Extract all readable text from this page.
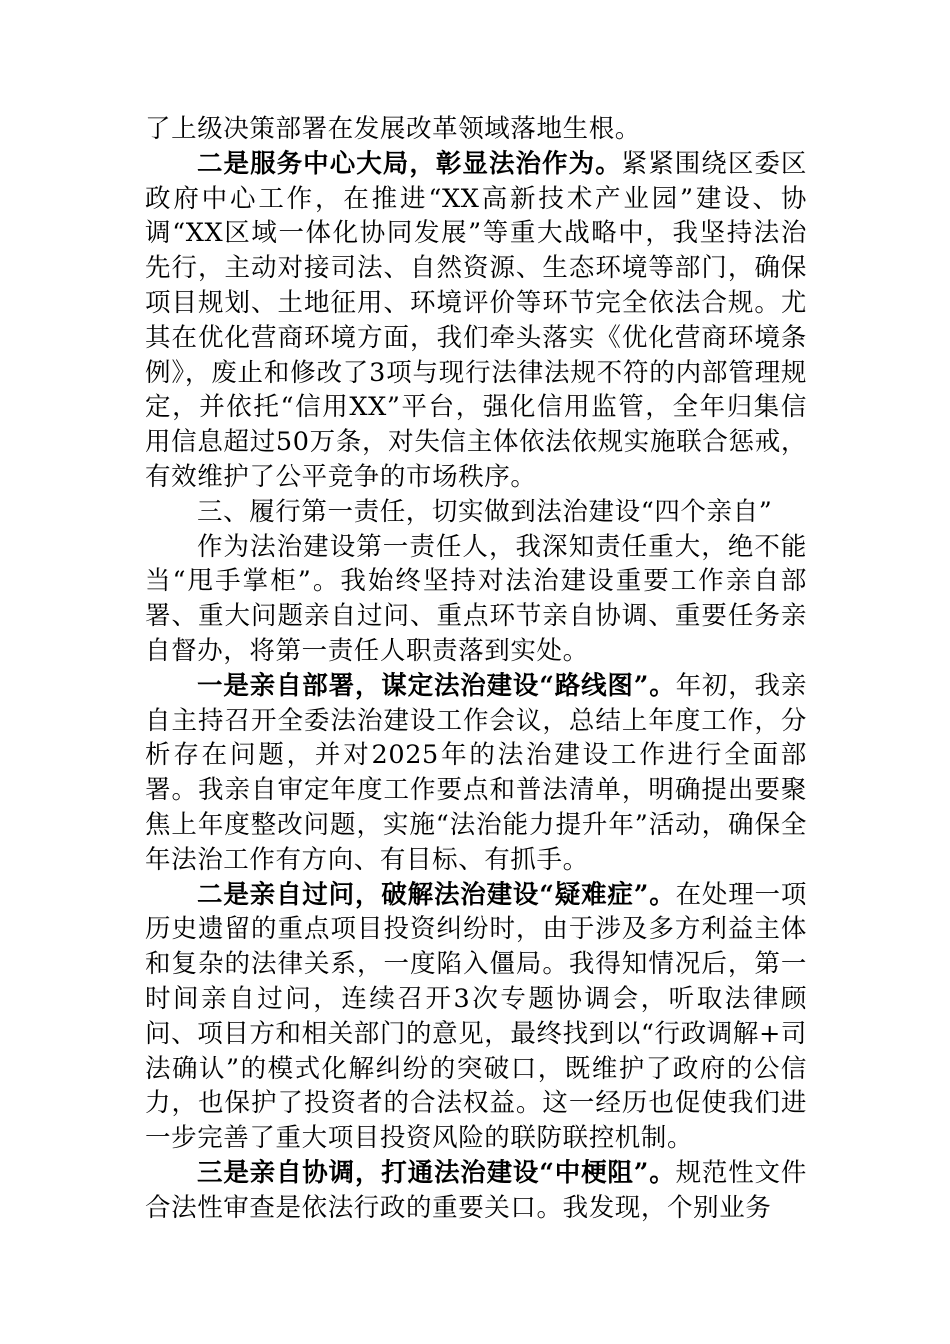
了上级决策部署在发展改革领域落地生根。

二是服务中心大局，彰显法治作为。紧紧围绕区委区政府中心工作，在推进“XX高新技术产业园”建设、协调“XX区域一体化协同发展”等重大战略中，我坚持法治先行，主动对接司法、自然资源、生态环境等部门，确保项目规划、土地征用、环境评价等环节完全依法合规。尤其在优化营商环境方面，我们牵头落实《优化营商环境条例》，废止和修改了3项与现行法律法规不符的内部管理规定，并依托“信用XX”平台，强化信用监管，全年归集信用信息超过50万条，对失信主体依法依规实施联合惩戒，有效维护了公平竞争的市场秩序。

三、履行第一责任，切实做到法治建设“四个亲自”

作为法治建设第一责任人，我深知责任重大，绝不能当“甩手掌柜”。我始终坚持对法治建设重要工作亲自部署、重大问题亲自过问、重点环节亲自协调、重要任务亲自督办，将第一责任人职责落到实处。

一是亲自部署，谋定法治建设“路线图”。年初，我亲自主持召开全委法治建设工作会议，总结上年度工作，分析存在问题，并对2025年的法治建设工作进行全面部署。我亲自审定年度工作要点和普法清单，明确提出要聚焦上年度整改问题，实施“法治能力提升年”活动，确保全年法治工作有方向、有目标、有抓手。

二是亲自过问，破解法治建设“疑难症”。在处理一项历史遗留的重点项目投资纠纷时，由于涉及多方利益主体和复杂的法律关系，一度陷入僵局。我得知情况后，第一时间亲自过问，连续召开3次专题协调会，听取法律顾问、项目方和相关部门的意见，最终找到以“行政调解+司法确认”的模式化解纠纷的突破口，既维护了政府的公信力，也保护了投资者的合法权益。这一经历也促使我们进一步完善了重大项目投资风险的联防联控机制。

三是亲自协调，打通法治建设“中梗阻”。规范性文件合法性审查是依法行政的重要关口。我发现，个别业务
